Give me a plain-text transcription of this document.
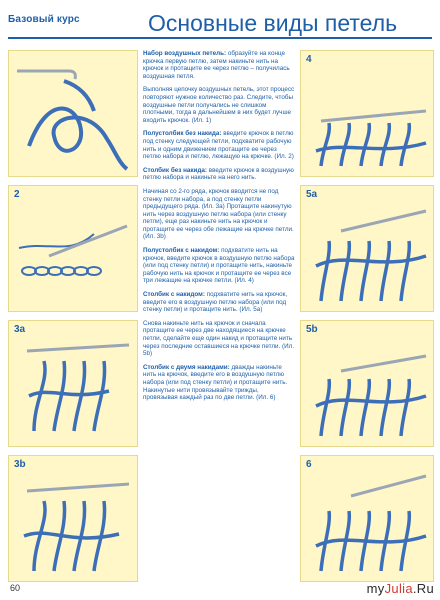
Базовый курс	Основные виды петель
2
3a
3b

Набор воздушных петель: образуйте на конце крючка первую петлю, затем накиньте нить на крючок и протащите ее через петлю – получилась воздушная петля.

Выполняя цепочку воздушных петель, этот процесс повторяют нужное количество раз. Следите, чтобы воздушные петли получались не слишком плотными, тогда в дальнейшем в них будет лучше входить крючок. (Ил. 1)

Полустолбик без накида: введите крючок в петлю под стенку следующей петли, подхватите рабочую нить и одним движением протащите ее через петлю набора и петлю, лежащую на крючке. (Ил. 2)

Столбик без накида: введите крючок в воздушную петлю набора и накиньте на него нить.

Начиная со 2-го ряда, крючок вводится не под стенку петли набора, а под стенку петли предыдущего ряда. (Ил. 3а) Протащите накинутую нить через воздушную петлю набора (или стенку петли), еще раз накиньте нить на крючок и протащите ее через обе лежащие на крючке петли. (Ил. 3b)

Полустолбик с накидом: подхватите нить на крючок, введите крючок в воздушную петлю набора (или под стенку петли) и протащите нить, накиньте рабочую нить на крючок и протащите ее через все три лежащие на крючке петли. (Ил. 4)

Столбик с накидом: подхватите нить на крючок, введите его в воздушную петлю набора (или под стенку петли) и протащите нить. (Ил. 5а)

Снова накиньте нить на крючок и сначала протащите ее через две находящиеся на крючке петли, сделайте еще один накид и протащите нить через последние оставшиеся на крючке петли. (Ил. 5b)

Столбик с двумя накидами: дважды накиньте нить на крючок, введите его в воздушную петлю набора (или под стенку петли) и протащите нить. Накинутые нити провязывайте трижды, провязывая каждый раз по две петли. (Ил. 6)

4
5a
5b
6
60	myJulia.Ru
